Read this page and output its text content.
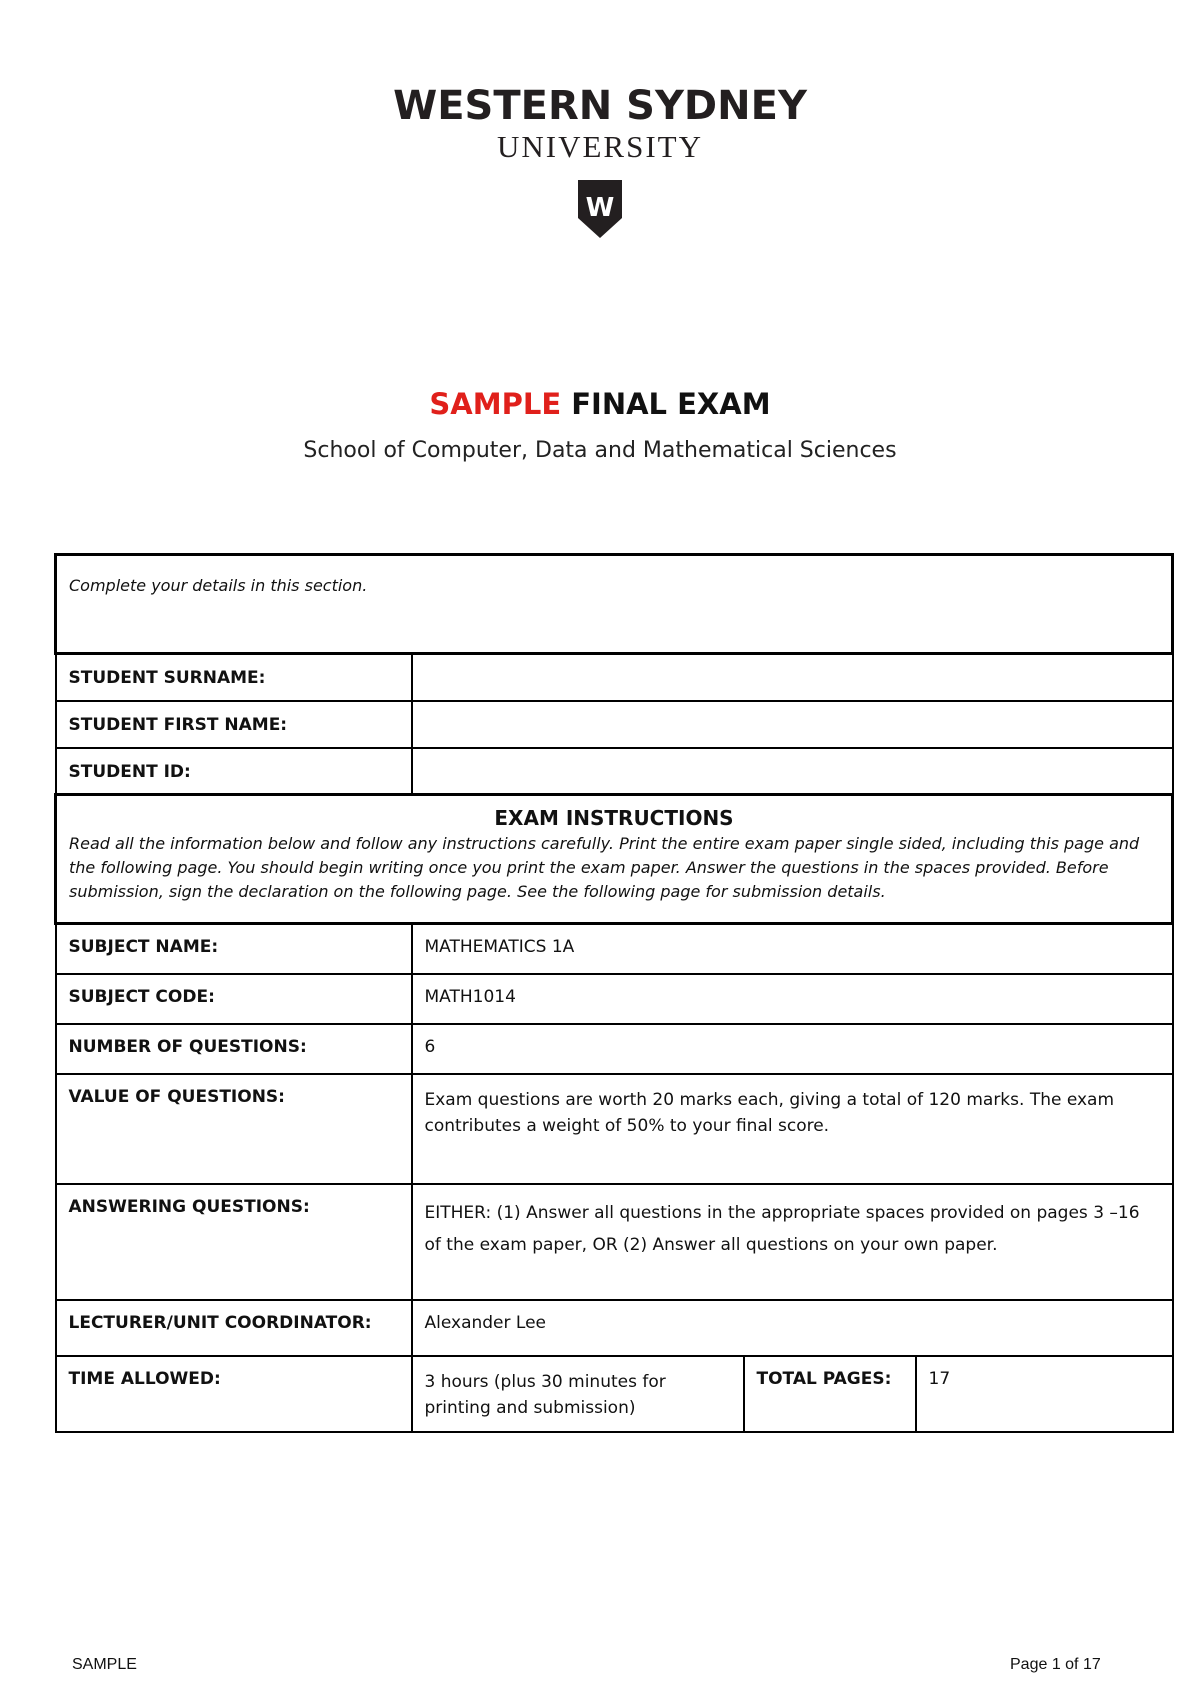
WESTERN SYDNEY
UNIVERSITY
W
SAMPLE FINAL EXAM
School of Computer, Data and Mathematical Sciences
Complete your details in this section.	
STUDENT SURNAME:	
STUDENT FIRST NAME:	
STUDENT ID:	
EXAM INSTRUCTIONS
Read all the information below and follow any instructions carefully. Print the entire exam paper single sided, including this page and the following page. You should begin writing once you print the exam paper. Answer the questions in the spaces provided. Before submission, sign the declaration on the following page. See the following page for submission details.			

SUBJECT NAME:	MATHEMATICS 1A		
SUBJECT CODE:	MATH1014		
NUMBER OF QUESTIONS:	6		
VALUE OF QUESTIONS:	Exam questions are worth 20 marks each, giving a total of 120 marks. The exam contributes a weight of 50% to your final score.		
ANSWERING QUESTIONS:	EITHER: (1) Answer all questions in the appropriate spaces provided on pages 3 –16 of the exam paper, OR (2) Answer all questions on your own paper.		
LECTURER/UNIT COORDINATOR:	Alexander Lee		
TIME ALLOWED:	3 hours (plus 30 minutes for printing and submission)	TOTAL PAGES:	17
SAMPLE	Page 1 of 17
